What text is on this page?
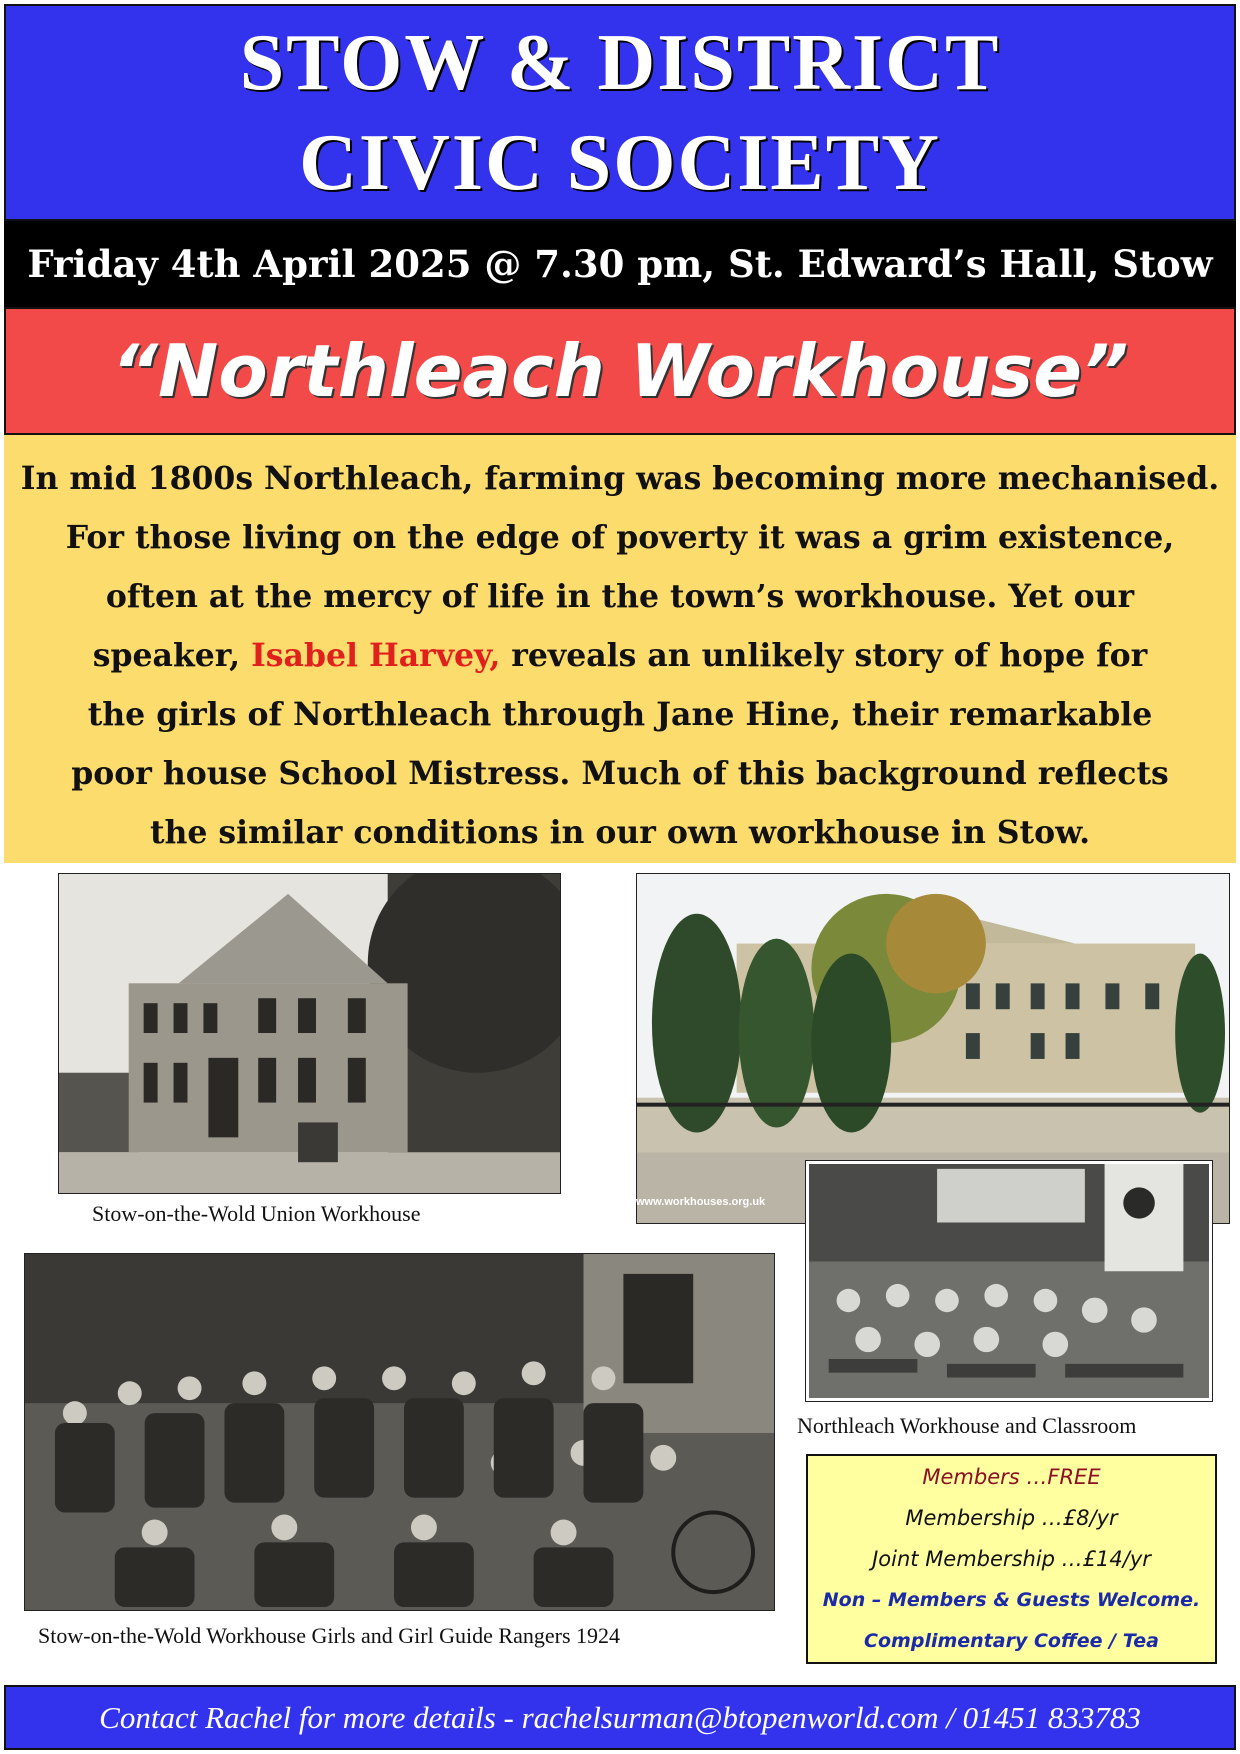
STOW & DISTRICT
CIVIC SOCIETY
Friday 4th April 2025 @ 7.30 pm, St. Edward’s Hall, Stow
“Northleach Workhouse”
In mid 1800s Northleach, farming was becoming more mechanised.
For those living on the edge of poverty it was a grim existence,
often at the mercy of life in the town’s workhouse. Yet our
speaker, Isabel Harvey, reveals an unlikely story of hope for
the girls of Northleach through Jane Hine, their remarkable
poor house School Mistress. Much of this background reflects
the similar conditions in our own workhouse in Stow.
Stow-on-the-Wold Union Workhouse	www.workhouses.org.uk
Northleach Workhouse and Classroom
Stow-on-the-Wold Workhouse Girls and Girl Guide Rangers 1924
Members …FREE
Membership …£8/yr
Joint Membership …£14/yr
Non – Members & Guests Welcome.
Complimentary Coffee / Tea
Contact Rachel for more details - rachelsurman@btopenworld.com / 01451 833783
